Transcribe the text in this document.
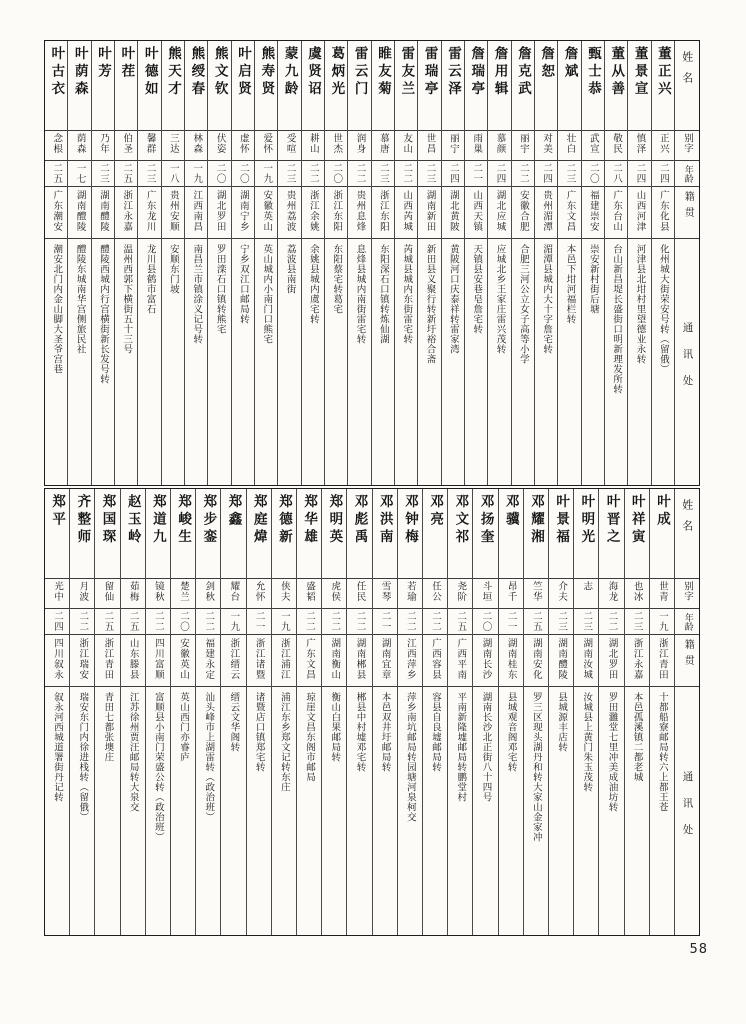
姓名
别字
年龄
籍贯
通讯处
董正兴
正兴
二四
广东化县
化州城大街荣安号转（留俄）
董景宣
慎泽
二四
山西河津
河津县北坩村里望德业永转
董从善
敬民
二八
广东台山
台山新昌堤长盛街口明新理发所转
甄士恭
武宣
二〇
福建崇安
崇安新村街后塘
詹斌
壮白
二三
广东文昌
本邑下坩河福栏转
詹恕
对美
二四
贵州湄潭
湄潭县城内大十字詹宅转
詹克武
丽宇
二二
安徽合肥
合肥三河公立女子高等小学
詹用辑
慕颜
二四
湖北应城
应城北乡王家庄雷兴茂转
詹瑞亭
雨巢
二一
山西天镇
天镇县安巷皂詹宅转
雷云泽
丽宁
二四
湖北黄陂
黄陂河口庆泰祥转雷家湾
雷瑞亭
世昌
二三
湖南新田
新田县义聚行转新圩裕合斋
雷友兰
友山
二二
山西芮城
芮城县城内东街雷宅转
睢友菊
慕唐
二三
浙江东阳
东阳深石口镇转炼仙湖
雷云门
润身
二二
贵州息烽
息烽县城内南街雷宅转
葛炳光
世杰
二〇
浙江东阳
东阳蔡宅转葛宅
虞贤诏
耕山
二二
浙江余姚
余姚县城内虞宅转
蒙九龄
受喧
二三
贵州荔波
荔波县南街
熊寿贤
爱怀
一九
安徽英山
英山城内小南门口熊宅
叶启贤
虚怀
二〇
湖南宁乡
宁乡双江口邮局转
熊文钦
伏姿
二〇
湖北罗田
罗田滦石口镇转熊宅
熊绶春
林森
一九
江西南昌
南昌兰市镇涂义记号转
熊天才
三达
一八
贵州安顺
安顺东门坡
叶德如
馨群
二三
广东龙川
龙川县鹤市富石
叶茬
伯圣
二五
浙江永嘉
温州西郭下横街五十三号
叶芳
乃年
二三
湖南醴陵
醴陵西城内行宫横街新长发号转
叶荫森
荫森
一七
湖南醴陵
醴陵东城南华宫侧旅民社
叶古衣
念根
二五
广东潮安
潮安北门内金山脚大圣爷宫巷
姓名
别字
年龄
籍贯
通讯处
叶成
世青
一九
浙江青田
十都船寮邮局转六上都王苍
叶祥寅
也冰
二三
浙江永嘉
本邑孤溪镇二都老城
叶晋之
海龙
二二
湖北罗田
罗田灉堂七里冲美成油坊转
叶明光
志
二三
湖南汝城
汝城县上黄门朱玉茂转
叶景福
介夫
二三
湖南醴陵
县城源丰店转
邓耀湘
竺华
二五
湖南安化
罗三区现头湖丹和转大家山金家冲
邓骥
昂千
二一
湖南桂东
县城观音阁邓宅转
邓扬奎
斗垣
二〇
湖南长沙
湖南长沙北正街八十四号
邓文祁
尧阶
二五
广西平南
平南新隆墟邮局转鹏堂村
邓亮
任公
二二
广西容县
容县自良墟邮局转
邓钟梅
若瑜
二二
江西萍乡
萍乡南坑邮局转园塘河泉柯交
邓洪南
雪琴
二一
湖南宜章
本邑双井圩邮局转
邓彪禹
任民
二二
湖南郴县
郴县中村墟邓宅转
郑明英
虎侯
二二
湖南衡山
衡山白果邮局转
郑华雄
盛韬
二二
广东文昌
琼崖文昌东阁市邮局
郑德新
侠夫
一九
浙江浦江
浦江东乡郑文记转东庄
郑庭煒
允怀
二一
浙江诸暨
诸暨店口镇郑宅转
郑鑫
耀台
一九
浙江缙云
缙云文华阁转
郑步銮
剑秋
二二
福建永定
汕头峰市上湖雷转（政治班）
郑峻生
楚兰
二〇
安徽英山
英山西门亦睿庐
郑道九
镜秋
二二
四川富顺
富顺县小南门荣盛公转（政治班）
赵玉岭
茹梅
二五
山东滕县
江苏徐州贾汪邮局转大泉交
郑国琛
留仙
二五
浙江青田
青田七都张墺庄
齐整师
月波
二二
浙江瑞安
瑞安东门内徐进栈转（留俄）
郑平
光中
二四
四川叙永
叙永河西城道署街丹记转
58
